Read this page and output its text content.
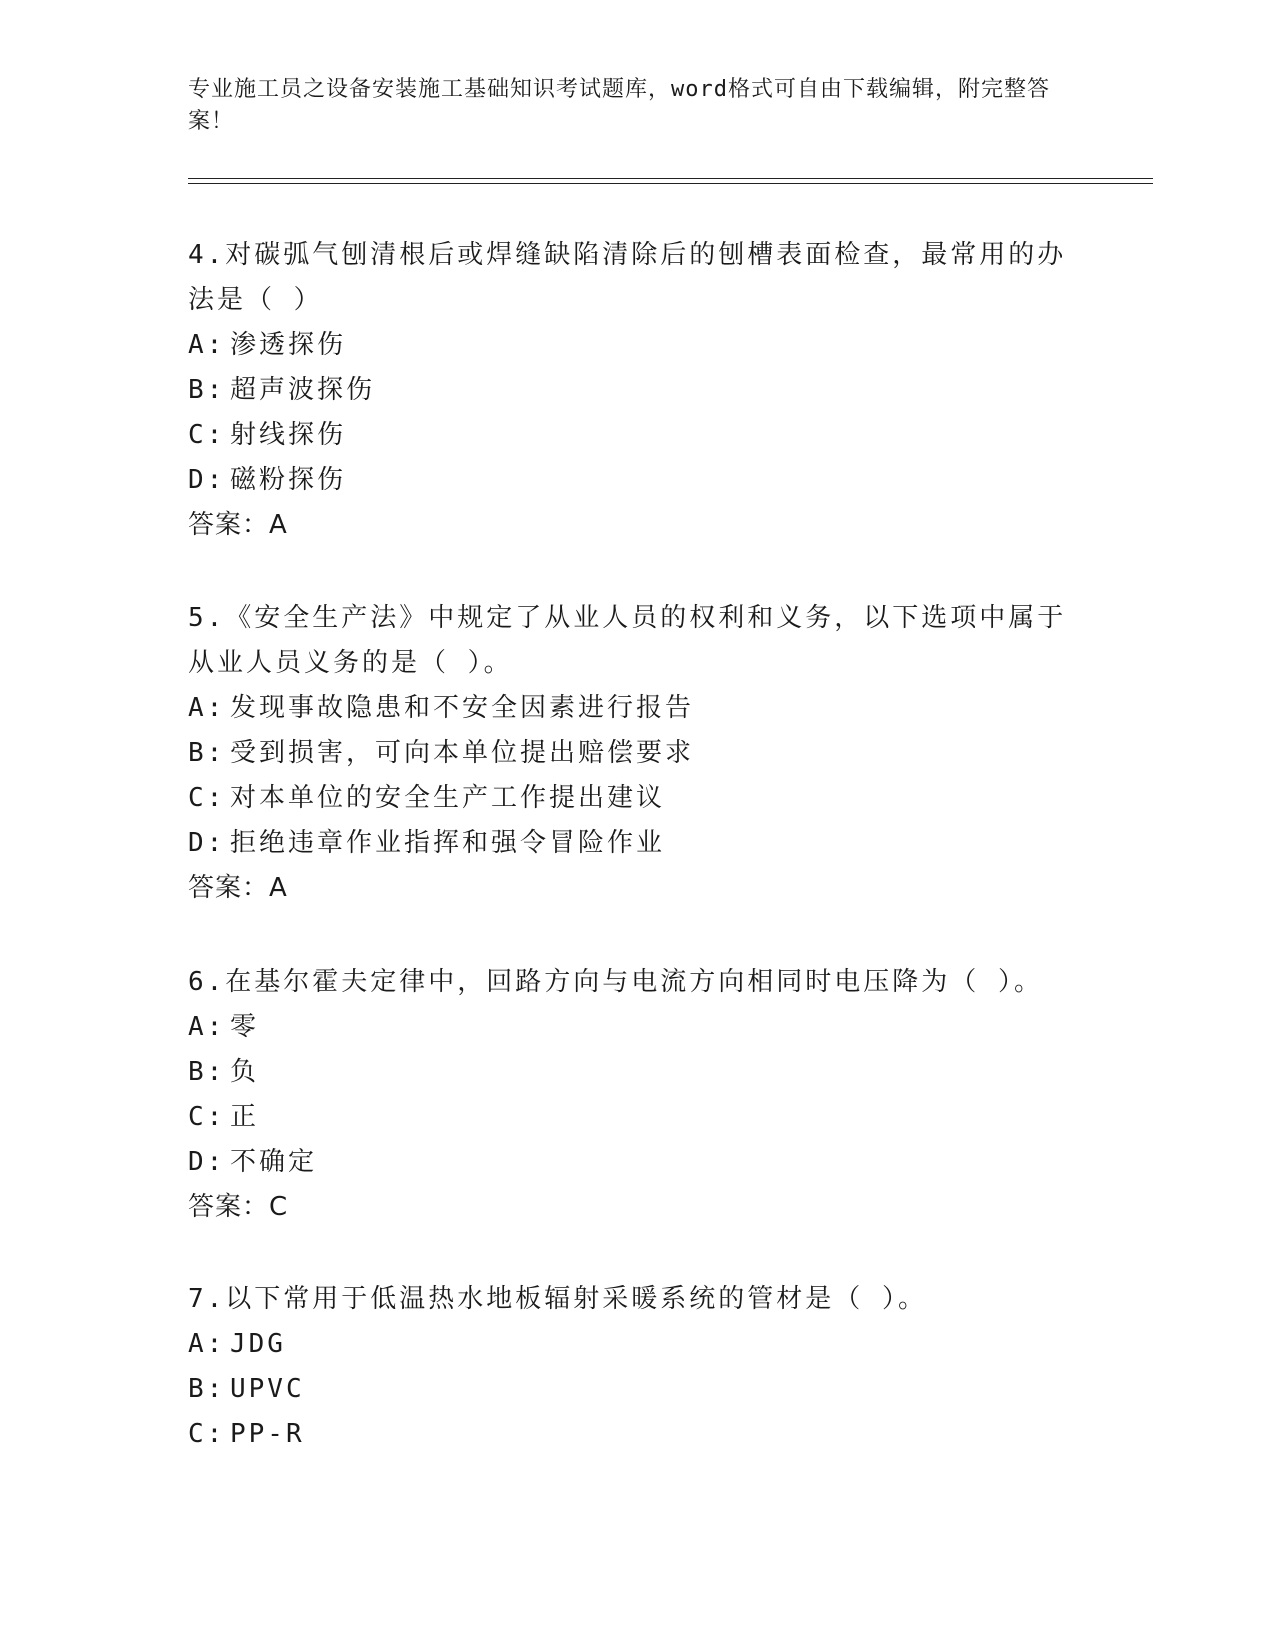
专业施工员之设备安装施工基础知识考试题库，word格式可自由下载编辑，附完整答案！
4.对碳弧气刨清根后或焊缝缺陷清除后的刨槽表面检查，最常用的办法是（ ）
A: 渗透探伤
B: 超声波探伤
C: 射线探伤
D: 磁粉探伤
答案：A
5.《安全生产法》中规定了从业人员的权利和义务，以下选项中属于从业人员义务的是（ ）。
A: 发现事故隐患和不安全因素进行报告
B: 受到损害，可向本单位提出赔偿要求
C: 对本单位的安全生产工作提出建议
D: 拒绝违章作业指挥和强令冒险作业
答案：A
6.在基尔霍夫定律中，回路方向与电流方向相同时电压降为（ ）。
A: 零
B: 负
C: 正
D: 不确定
答案：C
7.以下常用于低温热水地板辐射采暖系统的管材是（ ）。
A: JDG
B: UPVC
C: PP-R
